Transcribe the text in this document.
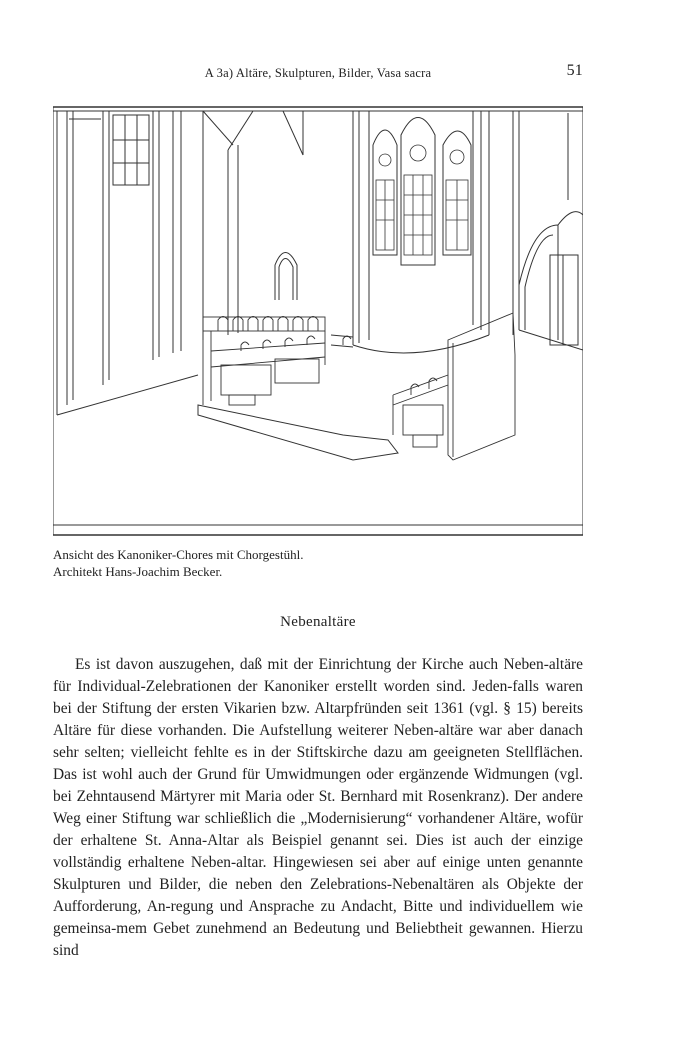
A 3a) Altäre, Skulpturen, Bilder, Vasa sacra	51
Ansicht des Kanoniker-Chores mit Chorgestühl.
Architekt Hans-Joachim Becker.
Nebenaltäre

Es ist davon auszugehen, daß mit der Einrichtung der Kirche auch Neben-altäre für Individual-Zelebrationen der Kanoniker erstellt worden sind. Jeden-falls waren bei der Stiftung der ersten Vikarien bzw. Altarpfründen seit 1361 (vgl. § 15) bereits Altäre für diese vorhanden. Die Aufstellung weiterer Neben-altäre war aber danach sehr selten; vielleicht fehlte es in der Stiftskirche dazu am geeigneten Stellflächen. Das ist wohl auch der Grund für Umwidmungen oder ergänzende Widmungen (vgl. bei Zehntausend Märtyrer mit Maria oder St. Bernhard mit Rosenkranz). Der andere Weg einer Stiftung war schließlich die „Modernisierung“ vorhandener Altäre, wofür der erhaltene St. Anna-Altar als Beispiel genannt sei. Dies ist auch der einzige vollständig erhaltene Neben-altar. Hingewiesen sei aber auf einige unten genannte Skulpturen und Bilder, die neben den Zelebrations-Nebenaltären als Objekte der Aufforderung, An-regung und Ansprache zu Andacht, Bitte und individuellem wie gemeinsa-mem Gebet zunehmend an Bedeutung und Beliebtheit gewannen. Hierzu sind
